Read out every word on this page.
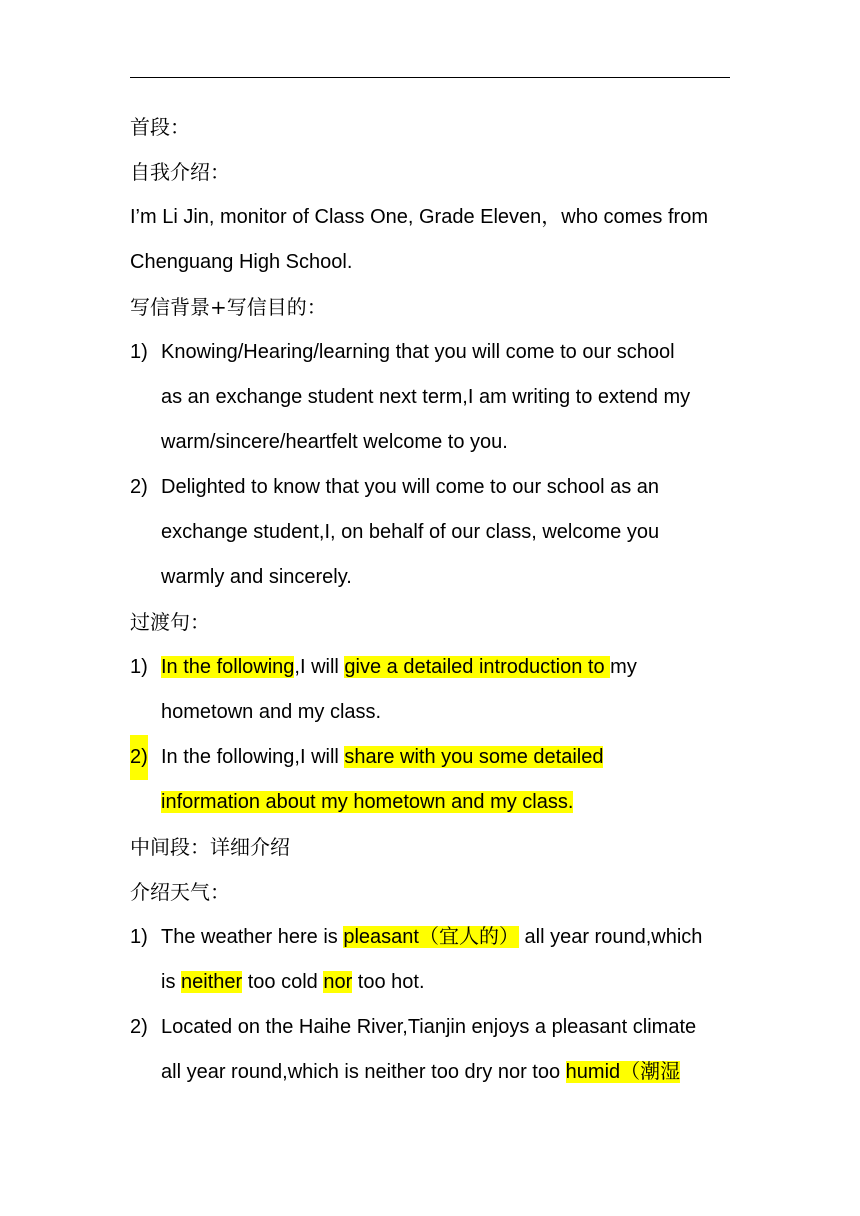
首段：
自我介绍：
I’m Li Jin, monitor of Class One, Grade Eleven，who comes from
Chenguang High School.
写信背景+写信目的：
1) Knowing/Hearing/learning that you will come to our school
as an exchange student next term,I am writing to extend my
warm/sincere/heartfelt welcome to you.
2) Delighted to know that you will come to our school as an
exchange student,I, on behalf of our class, welcome you
warmly and sincerely.
过渡句：
1) In the following,I will give a detailed introduction to my
hometown and my class.
2) In the following,I will share with you some detailed
information about my hometown and my class.
中间段：详细介绍
介绍天气：
1) The weather here is pleasant（宜人的） all year round,which
is neither too cold nor too hot.
2) Located on the Haihe River,Tianjin enjoys a pleasant climate
all year round,which is neither too dry nor too humid（潮湿
